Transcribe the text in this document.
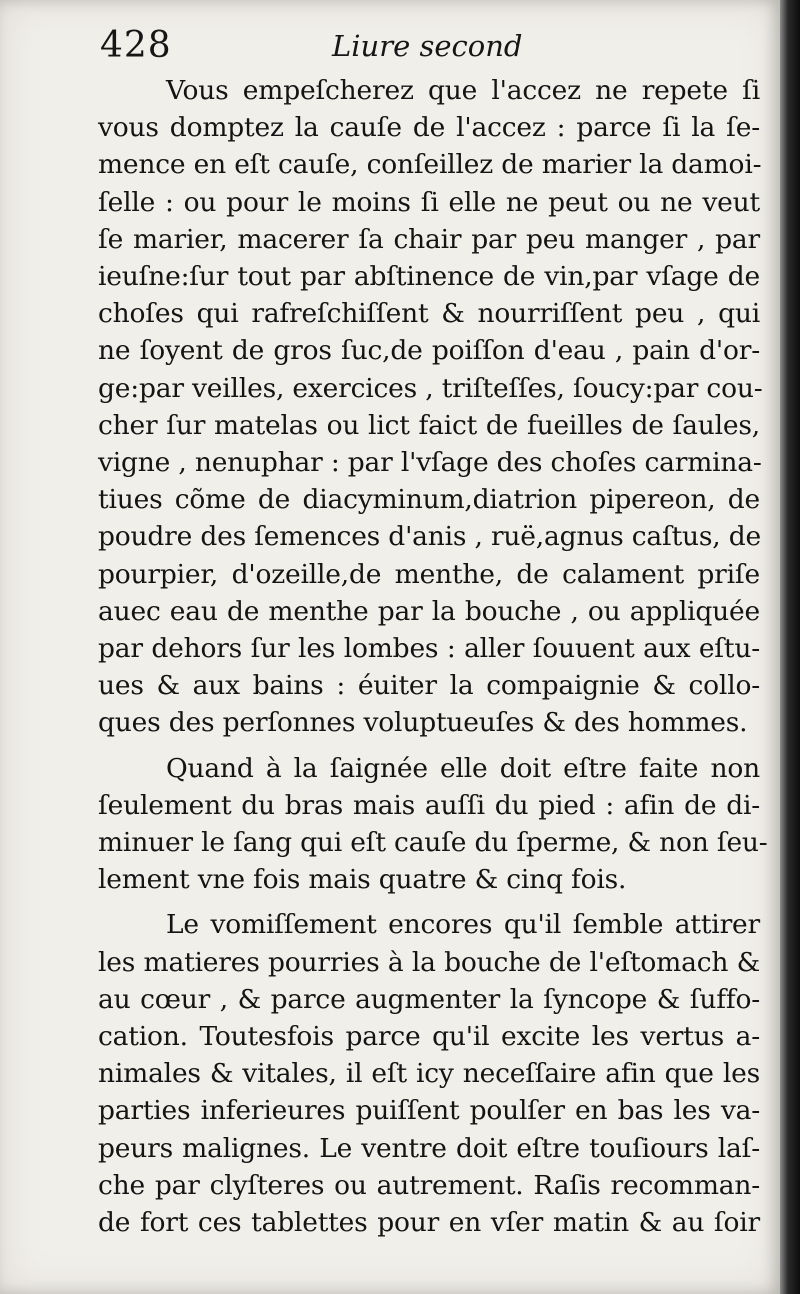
428	Liure second
Vous empeſcherez que l'accez ne repete ſi
vous domptez la cauſe de l'accez : parce ſi la ſe-
mence en eſt cauſe, conſeillez de marier la damoi-
ſelle : ou pour le moins ſi elle ne peut ou ne veut
ſe marier, macerer ſa chair par peu manger , par
ieuſne:ſur tout par abſtinence de vin,par vſage de
choſes qui rafreſchiſſent & nourriſſent peu , qui
ne ſoyent de gros ſuc,de poiſſon d'eau , pain d'or-
ge:par veilles, exercices , triſteſſes, ſoucy:par cou-
cher ſur matelas ou lict faict de fueilles de ſaules,
vigne , nenuphar : par l'vſage des choſes carmina-
tiues cõme de diacyminum,diatrion pipereon, de
poudre des ſemences d'anis , ruë,agnus caſtus, de
pourpier, d'ozeille,de menthe, de calament priſe
auec eau de menthe par la bouche , ou appliquée
par dehors ſur les lombes : aller ſouuent aux eſtu-
ues & aux bains : éuiter la compaignie & collo-
ques des perſonnes voluptueuſes & des hommes.
Quand à la ſaignée elle doit eſtre faite non
ſeulement du bras mais auſſi du pied : afin de di-
minuer le ſang qui eſt cauſe du ſperme, & non ſeu-
lement vne fois mais quatre & cinq fois.
Le vomiſſement encores qu'il ſemble attirer
les matieres pourries à la bouche de l'eſtomach &
au cœur , & parce augmenter la ſyncope & ſuffo-
cation. Toutesfois parce qu'il excite les vertus a-
nimales & vitales, il eſt icy neceſſaire afin que les
parties inferieures puiſſent poulſer en bas les va-
peurs malignes. Le ventre doit eſtre touſiours laſ-
che par clyſteres ou autrement. Raſis recomman-
de fort ces tablettes pour en vſer matin & au ſoir
